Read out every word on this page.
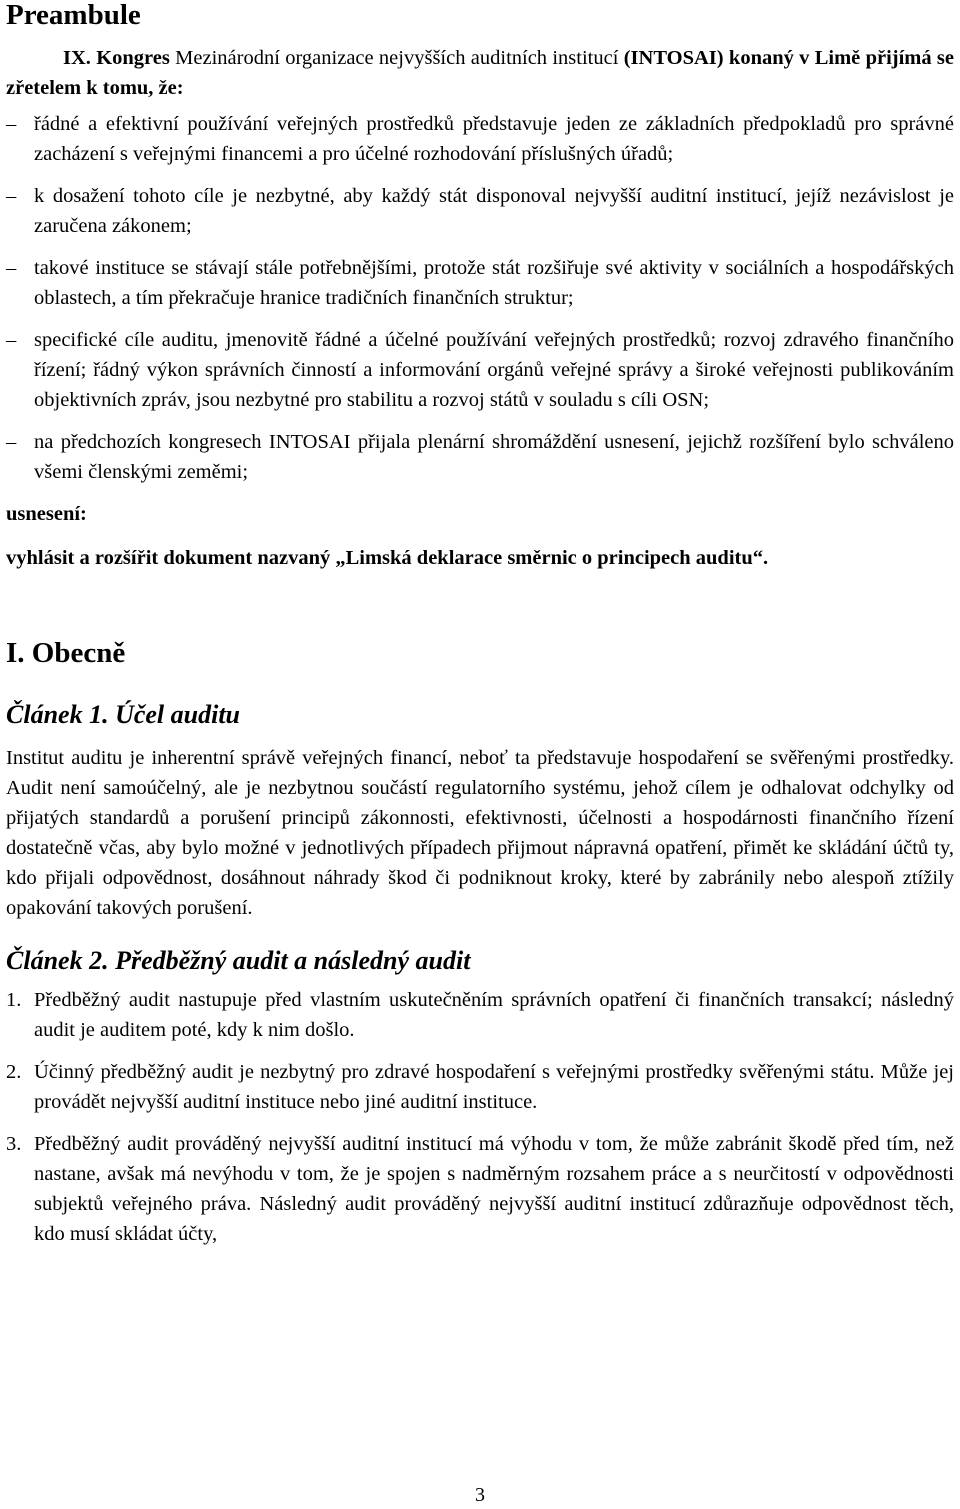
Preambule

IX. Kongres Mezinárodní organizace nejvyšších auditních institucí (INTOSAI) konaný v Limě přijímá se zřetelem k tomu, že:

– řádné a efektivní používání veřejných prostředků představuje jeden ze základních předpokladů pro správné zacházení s veřejnými financemi a pro účelné rozhodování příslušných úřadů;
– k dosažení tohoto cíle je nezbytné, aby každý stát disponoval nejvyšší auditní institucí, jejíž nezávislost je zaručena zákonem;
– takové instituce se stávají stále potřebnějšími, protože stát rozšiřuje své aktivity v sociálních a hospodářských oblastech, a tím překračuje hranice tradičních finančních struktur;
– specifické cíle auditu, jmenovitě řádné a účelné používání veřejných prostředků; rozvoj zdravého finančního řízení; řádný výkon správních činností a informování orgánů veřejné správy a široké veřejnosti publikováním objektivních zpráv, jsou nezbytné pro stabilitu a rozvoj států v souladu s cíli OSN;
– na předchozích kongresech INTOSAI přijala plenární shromáždění usnesení, jejichž rozšíření bylo schváleno všemi členskými zeměmi;

usnesení:

vyhlásit a rozšířit dokument nazvaný „Limská deklarace směrnic o principech auditu“.

I. Obecně
Článek 1. Účel auditu

Institut auditu je inherentní správě veřejných financí, neboť ta představuje hospodaření se svěřenými prostředky. Audit není samoúčelný, ale je nezbytnou součástí regulatorního systému, jehož cílem je odhalovat odchylky od přijatých standardů a porušení principů zákonnosti, efektivnosti, účelnosti a hospodárnosti finančního řízení dostatečně včas, aby bylo možné v jednotlivých případech přijmout nápravná opatření, přimět ke skládání účtů ty, kdo přijali odpovědnost, dosáhnout náhrady škod či podniknout kroky, které by zabránily nebo alespoň ztížily opakování takových porušení.

Článek 2. Předběžný audit a následný audit
1. Předběžný audit nastupuje před vlastním uskutečněním správních opatření či finančních transakcí; následný audit je auditem poté, kdy k nim došlo.
2. Účinný předběžný audit je nezbytný pro zdravé hospodaření s veřejnými prostředky svěřenými státu. Může jej provádět nejvyšší auditní instituce nebo jiné auditní instituce.
3. Předběžný audit prováděný nejvyšší auditní institucí má výhodu v tom, že může zabránit škodě před tím, než nastane, avšak má nevýhodu v tom, že je spojen s nadměrným rozsahem práce a s neurčitostí v odpovědnosti subjektů veřejného práva. Následný audit prováděný nejvyšší auditní institucí zdůrazňuje odpovědnost těch, kdo musí skládat účty,
3
